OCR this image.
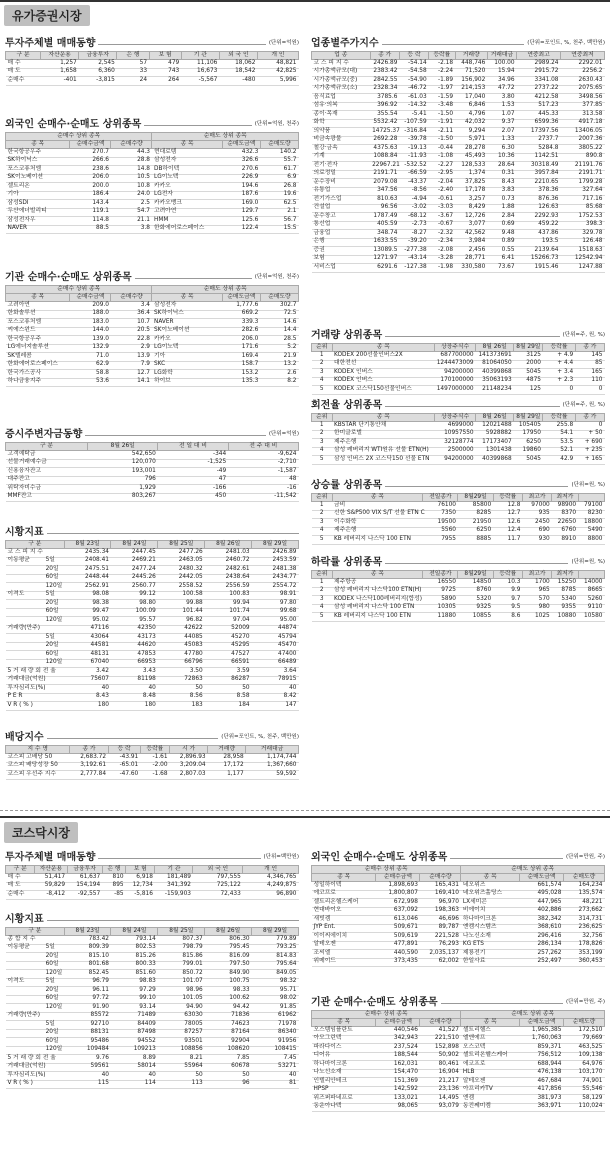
유가증권시장
투자주체별 매매동향	(단위=억원)
구 분	자산운용	금융투자	은 행	보 험	기 관	외 국 인	개 인
매 수	1,257	2,545	57	479	11,106	18,062	48,821
매 도	1,658	6,360	33	743	16,673	18,542	42,825
순매수	-401	-3,815	24	264	-5,567	-480	5,996
외국인 순매수·순매도 상위종목	(단위=억원, 천주)
순매수 상위 종목			순매도 상위 종목		
종 목	순매수금액	순매수량	종 목	순매도금액	순매도량
한국항공우주	270.7	44.3	현대로템	432.3	140.2
SK하이닉스	266.6	28.8	삼성전자	326.6	55.7
포스코퓨처엠	238.6	14.8	DB하이텍	270.6	61.7
SK이노베이션	206.0	10.5	LG이노텍	226.9	6.9
셀트리온	200.0	10.8	카카오	194.6	26.8
기아	186.4	24.0	LG전자	187.6	19.6
삼성SDI	143.4	2.5	카카오뱅크	169.0	62.5
두산에너빌리티	119.1	54.7	고려아연	129.7	2.1
삼성전자우	114.8	21.1	HMM	125.6	56.7
NAVER	88.5	3.8	한화에어로스페이스	122.4	15.5
기관 순매수·순매도 상위종목	(단위=억원, 천주)
순매수 상위 종목			순매도 상위 종목		
종 목	순매수금액	순매수량	종 목	순매도금액	순매도량
고려아연	209.0	3.4	삼성전자	1,777.6	302.7
한화솔루션	188.0	36.4	SK하이닉스	669.2	72.5
포스코퓨처엠	183.0	10.7	NAVER	339.3	14.6
씨에스윈드	144.0	20.5	SK이노베이션	282.6	14.4
한국항공우주	139.0	22.8	카카오	206.0	28.5
LG에너지솔루션	132.9	2.9	LG이노텍	171.6	5.2
SK텔레콤	71.0	13.9	기아	169.4	21.9
한화에어로스페이스	62.9	7.9	SKC	158.7	13.2
한국가스공사	58.8	12.7	LG화학	153.2	2.6
하나금융지주	53.6	14.1	하이브	135.3	8.2
증시주변자금동향	(단위=억원)
구 분	8월 26일	전 일 대 비	전 주 대 비
고객예탁금	542,650	-344	-9,624
선물거래예수금	120,070	-1,525	-2,710
신용융자잔고	193,001	-49	-1,587
대주잔고	796	47	48
위탁자미수금	1,929	-166	-16
MMF잔고	803,267	450	-11,542
시황지표
구 분		8월 23일	8월 24일	8월 25일	8월 26일	8월 29일
코 스 피 지 수		2435.34	2447.45	2477.26	2481.03	2426.89
이동평균	5일	2408.41	2469.21	2463.05	2460.72	2453.59
	20일	2475.51	2477.24	2480.32	2482.61	2481.38
	60일	2448.44	2445.26	2442.05	2438.64	2434.77
	120일	2562.91	2560.77	2558.52	2556.59	2554.72
이격도	5일	98.08	99.12	100.58	100.83	98.91
	20일	98.38	98.80	99.88	99.94	97.80
	60일	99.47	100.09	101.44	101.74	99.68
	120일	95.02	95.57	96.82	97.04	95.00
거래량(만주)		47116	42350	42622	52009	44874
	5일	43064	43173	44085	45270	45794
	20일	44581	44620	45083	45295	45470
	60일	48131	47853	47780	47527	47400
	120일	67040	66953	66796	66591	66489
5 거 래 량 회 전 율		3.42	3.43	3.50	3.59	3.64
거래대금(억원)		75607	81198	72863	86287	78915
투자심리도(%)		40	40	50	50	40
P E R		8.43	8.48	8.56	8.58	8.42
V R ( % )		180	180	183	184	147
배당지수	(단위=포인트, %, 천주, 백만원)
지 수 명	종 가	등 락	등락률	시 가	거래량	거래대금
코스피 고배당 50	2,683.72	-43.91	-1.61	2,896.93	28,958	1,174,744
코스피 배당성장 50	3,192.61	-65.01	-2.00	3,209.04	17,172	1,367,660
코스피 우선주 지수	2,777.84	-47.60	-1.68	2,807.03	1,177	59,592
업종별주가지수	(단위=포인트, %, 천주, 백만원)
업 종	종 가	등 락	등락률	거래량	거래대금	연중최고	연중최저
코 스 피 지 수	2426.89	-54.14	-2.18	448,746	100.00	2989.24	2292.01
시가총액규모(대)	2383.42	-54.58	-2.24	71,520	15.94	2915.72	2256.2
시가총액규모(중)	2842.55	-54.90	-1.89	156,902	34.96	3341.08	2630.43
시가총액규모(소)	2328.34	-46.72	-1.97	214,153	47.72	2737.22	2075.65
음식료업	3785.6	-61.03	-1.59	17,040	3.80	4212.58	3498.56
섬유·의복	396.92	-14.32	-3.48	6,846	1.53	517.23	377.85
종이·목재	355.54	-5.41	-1.50	4,796	1.07	445.33	313.58
화학	5532.42	-107.59	-1.91	42,032	9.37	6599.36	4917.18
의약품	14725.37	-316.84	-2.11	9,294	2.07	17397.56	13406.05
비금속광물	2692.28	-39.78	-1.50	5,971	1.33	2737.7	2007.36
철강·금속	4375.63	-19.13	-0.44	28,278	6.30	5284.8	3805.22
기계	1088.84	-11.93	-1.08	45,493	10.36	1142.51	890.8
전기·전자	22967.21	-532.52	-2.27	128,533	28.64	30318.49	21191.76
의료정밀	2191.71	-66.59	-2.95	1,374	0.31	3957.84	2191.71
운수장비	2079.08	-43.37	-2.04	37,825	8.43	2210.65	1799.28
유통업	347.56	-8.56	-2.40	17,178	3.83	378.36	327.64
전기가스업	810.63	-4.94	-0.61	3,257	0.73	876.36	717.16
건설업	96.56	-3.02	-3.03	8,429	1.88	126.63	85.68
운수창고	1787.49	-68.12	-3.67	12,726	2.84	2292.93	1752.53
통신업	405.59	-2.73	-0.67	3,077	0.69	459.22	398.3
금융업	348.74	-8.27	-2.32	42,562	9.48	437.86	329.78
은행	1633.55	-39.20	-2.34	3,984	0.89	193.5	126.48
증권	13089.5	-277.38	-2.08	2,456	0.55	2139.64	1518.63
보험	1271.97	-43.14	-3.28	28,771	6.41	15266.73	12542.94
서비스업	6291.6	-127.38	-1.98	330,580	73.67	1915.46	1247.88
거래량 상위종목	(단위=주, 원, %)
순위	종 목	상장주식수	8월 26일	8월 29일	등락률	종 가
1	KODEX 200선물인버스2X	687700000	141373691	3125	+ 4.9	145
2	대한전선	1244473009	81064050	2000	+ 4.4	85
3	KODEX 인버스	94200000	40399868	5045	+ 3.4	165
4	KODEX 인버스	170100000	35063193	4875	+ 2.3	110
5	KODEX 코스닥150선물인버스	1497000000	21148234	125	0	0
회전율 상위종목	(단위=주, 원, %)
순위	종 목	상장주식수	8월 26일	8월 29일	등락률	종 가
1	KBSTAR 단기통안채	4699000	12021488	105405	255.8	0
2	한미글로벌	10957550	5928882	17950	54.1	+ 50
3	제주은행	32128774	17173407	6250	53.5	+ 690
4	삼성 레버리지 WTI원유 선물 ETN(H)	2500000	1301438	19860	52.1	+ 235
5	삼성 인버스 2X 코스닥150 선물 ETN	94200000	40399868	5045	42.9	+ 165
상승률 상위종목	(단위=원, %)
순위	종 목	전일종가	8월29일	등락률	최고가	최저가	
1	금비	76100	85800	12.8	97000	98900	79100
2	신한 S&P500 VIX S/T 선물 ETN C	7350	8285	12.7	935	8370	8230
3	이수화학	19500	21950	12.6	2450	22650	18800
4	제주은행	5560	6250	12.4	690	6760	5490
5	KB 레버리지 나스닥 100 ETN	7955	8885	11.7	930	8910	8800
하락률 상위종목	(단위=원, %)
순위	종 목	전일종가	8월29일	등락률	최고가	최저가	
1	제주항공	16550	14850	10.3	1700	15250	14000
2	삼성 레버리지 나스닥100 ETN(H)	9725	8760	9.9	965	8785	8665
3	KODEX 나스닥100레버리지(합성)	5890	5320	9.7	570	5340	5260
4	삼성 레버리지 나스닥 100 ETN	10305	9325	9.5	980	9355	9110
5	KB 레버리지 나스닥 100 ETN	11880	10855	8.6	1025	10880	10580
코스닥시장
투자주체별 매매동향	(단위=백만원)
구 분	자산운용	금융투자	은 행	보 험	기 관	외 국 인	개 인
매 수	51,417	61,637	810	6,918	181,489	797,555	4,346,765
매 도	59,829	154,194	895	12,734	341,392	725,122	4,249,875
순매수	-8,412	-92,557	-85	-5,816	-159,903	72,433	96,890
시황지표
구 분		8월 23일	8월 24일	8월 25일	8월 26일	8월 29일
종 합 지 수		783.42	793.14	807.37	806.30	779.89
이동평균	5일	809.39	802.53	798.79	795.45	793.25
	20일	815.10	815.26	815.86	816.09	814.83
	60일	801.68	800.33	799.01	797.50	795.64
	120일	852.45	851.60	850.72	849.90	849.05
이격도	5일	96.79	98.83	101.07	100.75	98.32
	20일	96.11	97.29	98.96	98.33	95.71
	60일	97.72	99.10	101.05	100.62	98.02
	120일	91.90	93.14	94.90	94.42	91.85
거래량(만주)		85572	71489	63030	71836	61962
	5일	92710	84409	78005	74623	71978
	20일	88131	87498	87257	87164	86340
	60일	95486	94552	93501	92904	91956
	120일	109484	109213	108856	108620	108415
5 거 래 량 회 전 율		9.76	8.89	8.21	7.85	7.45
거래대금(억원)		59561	58014	55964	60678	53271
투자심리도(%)		40	40	50	50	40
V R ( % )		115	114	113	96	81
외국인 순매수·순매도 상위종목	(단위=만원, 주)
순매수 상위 종목			순매도 상위 종목		
종 목	순매수금액	순매수량	종 목	순매도금액	순매도량
성일하이텍	1,898,693	165,431	네오위즈	661,574	164,234
에코프로	1,800,807	169,410	네오위즈홀딩스	495,028	135,574
셀트리온헬스케어	672,998	96,970	LX세미콘	447,965	48,221
현대바이오	637,092	198,363	비에이치	402,886	273,662
새빗켐	613,046	46,696	하나마이크론	382,342	314,731
JYP Ent.	509,671	89,787	엔켐시스템즈	368,610	236,625
이이씨에이치	509,619	221,528	나노신소재	296,416	32,756
알테오젠	477,891	76,293	KG ETS	286,134	178,826
조씨엘	440,590	2,035,137	제룡전기	257,262	353,199
위메이드	373,435	62,002	한일사료	252,497	360,453
기관 순매수·순매도 상위종목	(단위=만원, 주)
순매수 상위 종목			순매도 상위 종목		
종 목	순매수금액	순매수량	종 목	순매도금액	순매도량
오스템임플란트	440,546	41,527	셀트리헬스	1,965,385	172,510
아모그린텍	342,943	221,510	엘앤에프	1,760,063	79,669
파라다이스	237,524	152,898	오스코텍	859,371	463,525
디어유	188,544	50,902	셀트리온헬스케어	756,512	109,138
하나마이크론	162,031	80,461	에코프로	688,944	64,976
나노신소재	154,470	16,904	HLB	476,138	103,170
인텔리안테크	151,369	21,217	알테오젠	467,684	74,901
HPSP	142,592	23,136	아프리카TV	417,856	55,546
위즈퍼파네프로	133,021	14,495	엔켐	381,973	58,129
동운아나텍	98,065	93,079	동진쎄미켐	363,971	110,024
